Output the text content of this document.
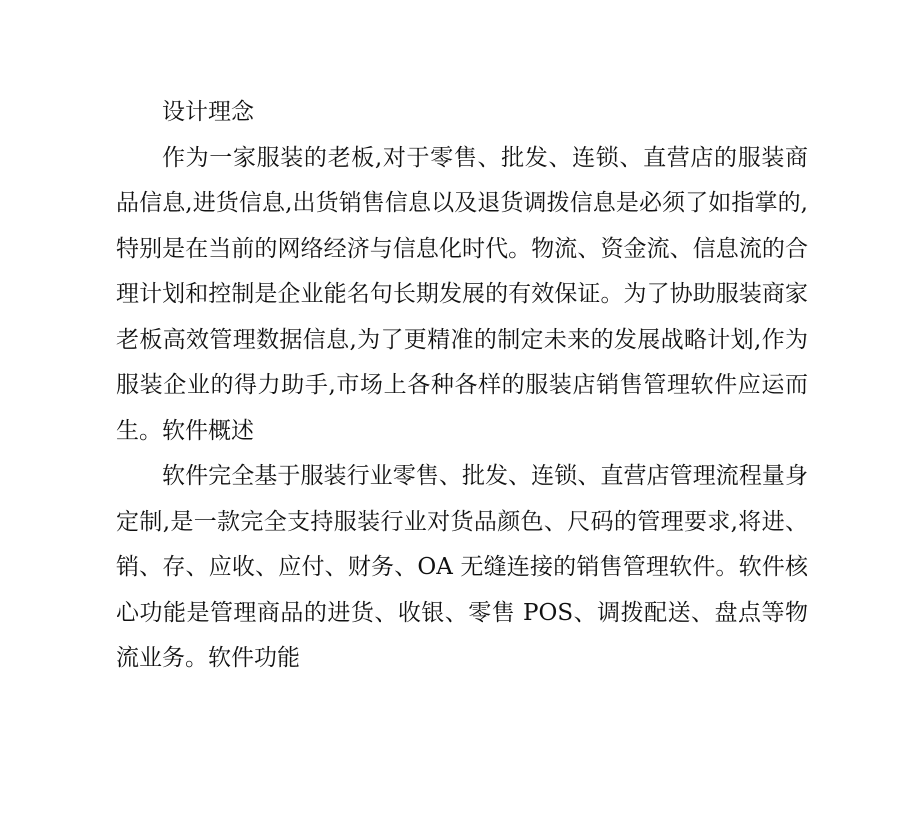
设计理念

作为一家服装的老板,对于零售、批发、连锁、直营店的服装商品信息,进货信息,出货销售信息以及退货调拨信息是必须了如指掌的,特别是在当前的网络经济与信息化时代。物流、资金流、信息流的合理计划和控制是企业能名句长期发展的有效保证。为了协助服装商家老板高效管理数据信息,为了更精准的制定未来的发展战略计划,作为服装企业的得力助手,市场上各种各样的服装店销售管理软件应运而生。软件概述

软件完全基于服装行业零售、批发、连锁、直营店管理流程量身定制,是一款完全支持服装行业对货品颜色、尺码的管理要求,将进、销、存、应收、应付、财务、OA 无缝连接的销售管理软件。软件核心功能是管理商品的进货、收银、零售 POS、调拨配送、盘点等物流业务。软件功能
